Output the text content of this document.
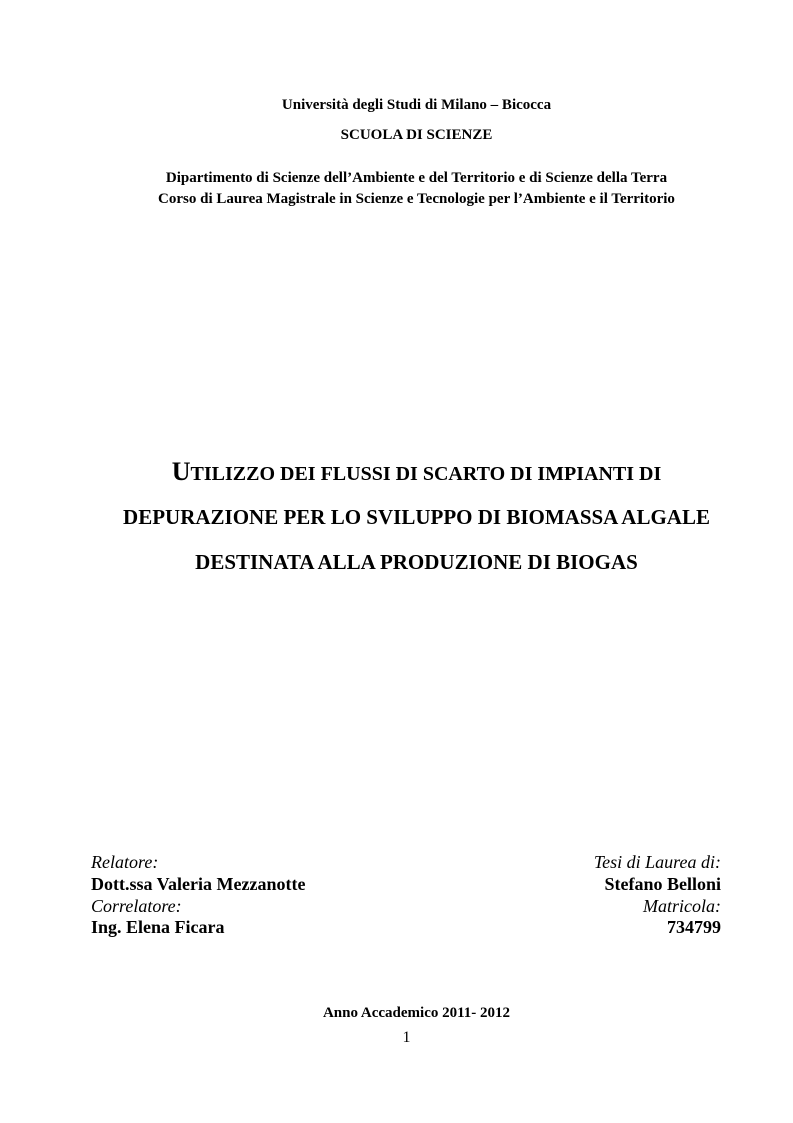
Università degli Studi di Milano – Bicocca
SCUOLA DI SCIENZE
Dipartimento di Scienze dell’Ambiente e del Territorio e di Scienze della Terra
Corso di Laurea Magistrale in Scienze e Tecnologie per l’Ambiente e il Territorio
UTILIZZO DEI FLUSSI DI SCARTO DI IMPIANTI DI
DEPURAZIONE PER LO SVILUPPO DI BIOMASSA ALGALE
DESTINATA ALLA PRODUZIONE DI BIOGAS
Relatore:
Dott.ssa Valeria Mezzanotte
Correlatore:
Ing. Elena Ficara
Tesi di Laurea di:
Stefano Belloni
Matricola:
734799
Anno Accademico 2011- 2012
1
